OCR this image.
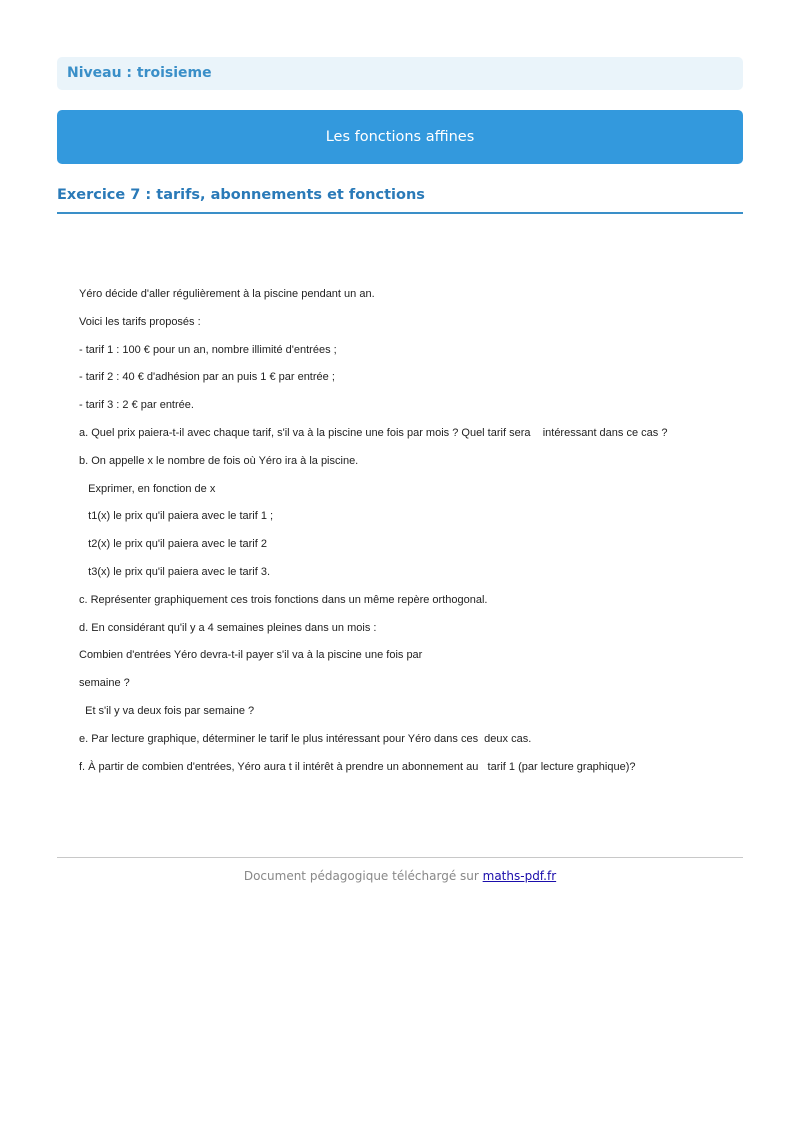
Niveau : troisieme
Les fonctions affines
Exercice 7 : tarifs, abonnements et fonctions
Yéro décide d'aller régulièrement à la piscine pendant un an.
Voici les tarifs proposés :
- tarif 1 : 100 € pour un an, nombre illimité d'entrées ;
- tarif 2 : 40 € d'adhésion par an puis 1 € par entrée ;
- tarif 3 : 2 € par entrée.
a. Quel prix paiera-t-il avec chaque tarif, s'il va à la piscine une fois par mois ? Quel tarif sera    intéressant dans ce cas ?
b. On appelle x le nombre de fois où Yéro ira à la piscine.
Exprimer, en fonction de x
t1(x) le prix qu'il paiera avec le tarif 1 ;
t2(x) le prix qu'il paiera avec le tarif 2
t3(x) le prix qu'il paiera avec le tarif 3.
c. Représenter graphiquement ces trois fonctions dans un même repère orthogonal.
d. En considérant qu'il y a 4 semaines pleines dans un mois :
Combien d'entrées Yéro devra-t-il payer s'il va à la piscine une fois par
semaine ?
Et s'il y va deux fois par semaine ?
e. Par lecture graphique, déterminer le tarif le plus intéressant pour Yéro dans ces  deux cas.
f. À partir de combien d'entrées, Yéro aura t il intérêt à prendre un abonnement au   tarif 1 (par lecture graphique)?
Document pédagogique téléchargé sur maths-pdf.fr
